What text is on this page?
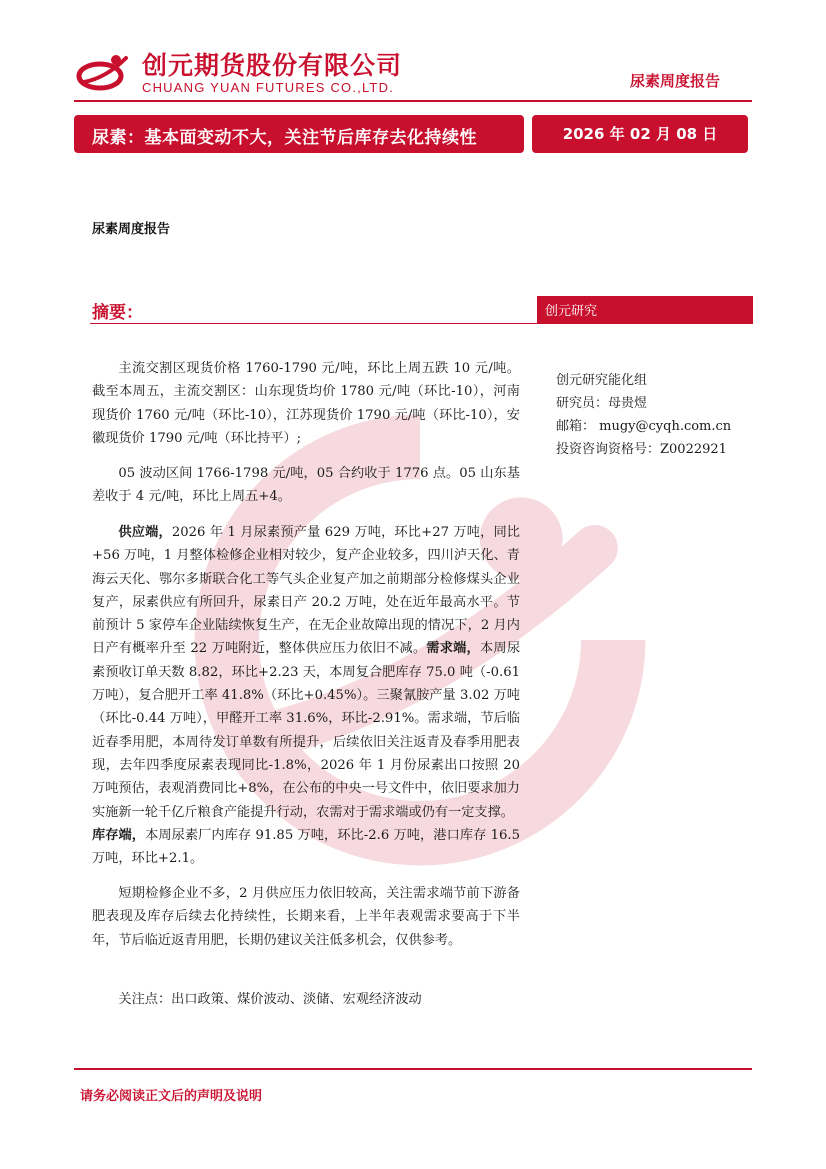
创元期货股份有限公司
CHUANG YUAN FUTURES CO.,LTD.	尿素周度报告
尿素：基本面变动不大，关注节后库存去化持续性	2026 年 02 月 08 日
尿素周度报告
摘要：	创元研究
创元研究能化组
研究员：母贵煜
邮箱： mugy@cyqh.com.cn
投资咨询资格号：Z0022921

主流交割区现货价格 1760-1790 元/吨，环比上周五跌 10 元/吨。截至本周五，主流交割区：山东现货均价 1780 元/吨（环比-10），河南现货价 1760 元/吨（环比-10），江苏现货价 1790 元/吨（环比-10），安徽现货价 1790 元/吨（环比持平）;

05 波动区间 1766-1798 元/吨，05 合约收于 1776 点。05 山东基差收于 4 元/吨，环比上周五+4。

供应端，2026 年 1 月尿素预产量 629 万吨，环比+27 万吨，同比+56 万吨，1 月整体检修企业相对较少，复产企业较多，四川泸天化、青海云天化、鄂尔多斯联合化工等气头企业复产加之前期部分检修煤头企业复产，尿素供应有所回升，尿素日产 20.2 万吨，处在近年最高水平。节前预计 5 家停车企业陆续恢复生产，在无企业故障出现的情况下，2 月内日产有概率升至 22 万吨附近，整体供应压力依旧不减。需求端，本周尿素预收订单天数 8.82，环比+2.23 天，本周复合肥库存 75.0 吨（-0.61 万吨），复合肥开工率 41.8%（环比+0.45%）。三聚氰胺产量 3.02 万吨（环比-0.44 万吨），甲醛开工率 31.6%，环比-2.91%。需求端，节后临近春季用肥，本周待发订单数有所提升，后续依旧关注返青及春季用肥表现，去年四季度尿素表现同比-1.8%，2026 年 1 月份尿素出口按照 20 万吨预估，表观消费同比+8%，在公布的中央一号文件中，依旧要求加力实施新一轮千亿斤粮食产能提升行动，农需对于需求端或仍有一定支撑。

库存端，本周尿素厂内库存 91.85 万吨，环比-2.6 万吨，港口库存 16.5 万吨，环比+2.1。

短期检修企业不多，2 月供应压力依旧较高，关注需求端节前下游备肥表现及库存后续去化持续性，长期来看，上半年表观需求要高于下半年，节后临近返青用肥，长期仍建议关注低多机会，仅供参考。

关注点：出口政策、煤价波动、淡储、宏观经济波动

请务必阅读正文后的声明及说明
